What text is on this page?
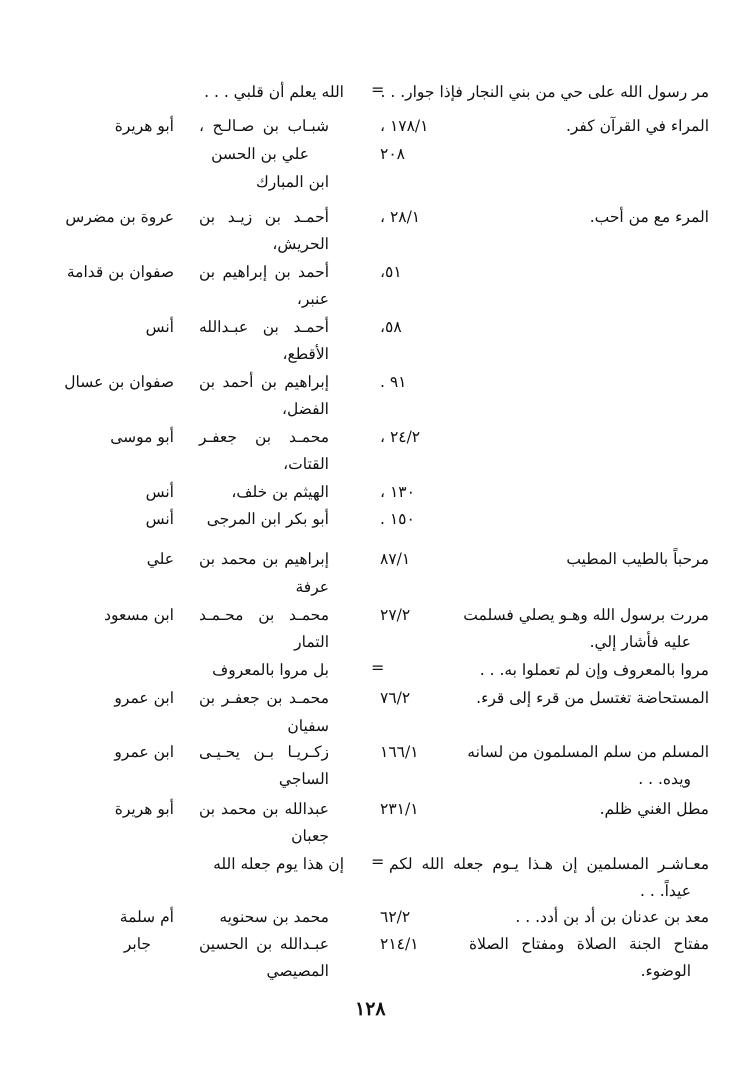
مر رسول الله على حي من بني النجار فإذا جوار. . .
=
الله يعلم أن قلبي . . .
المراء في القرآن كفر.
١٧٨/١ ،
٢٠٨
شبـاب بن صـالـح ،
علي بن الحسن
ابن المبارك
أبو هريرة
المرء مع من أحب.
٢٨/١ ،
أحمـد بن زيـد بن
الحريش،
عروة بن مضرس
٥١،
أحمد بن إبراهيم بن
عنبر،
صفوان بن قدامة
٥٨،
أحمـد بن عبـدالله
الأقطع،
أنس
٩١ .
إبراهيم بن أحمد بن
الفضل،
صفوان بن عسال
٢٤/٢ ،
محمـد بن جعفـر
القتات،
أبو موسى
١٣٠ ،
الهيثم بن خلف،
أنس
١٥٠ .
أبو بكر ابن المرجى
أنس
مرحباً بالطيب المطيب
٨٧/١
إبراهيم بن محمد بن
عرفة
علي
مررت برسول الله وهـو يصلي فسلمت
عليه فأشار إلي.
٢٧/٢
محمـد بن محـمـد
التمار
ابن مسعود
مروا بالمعروف وإن لم تعملوا به. . .
=
بل مروا بالمعروف
المستحاضة تغتسل من قرء إلى قرء.
٧٦/٢
محمـد بن جعفـر بن
سفيان
ابن عمرو
المسلم من سلم المسلمون من لسانه
ويده. . .
١٦٦/١
زكـريـا بـن يحـيـى
الساجي
ابن عمرو
مطل الغني ظلم.
٢٣١/١
عبدالله بن محمد بن
جعبان
أبو هريرة
معـاشـر المسلمين إن هـذا يـوم جعله الله لكم
عيداً. . .
=
إن هذا يوم جعله الله
معد بن عدنان بن أد بن أدد. . .
٦٢/٢
محمد بن سحنويه
أم سلمة
مفتاح الجنة الصلاة ومفتاح الصلاة
الوضوء.
٢١٤/١
عبـدالله بن الحسين
المصيصي
جابر
١٢٨
